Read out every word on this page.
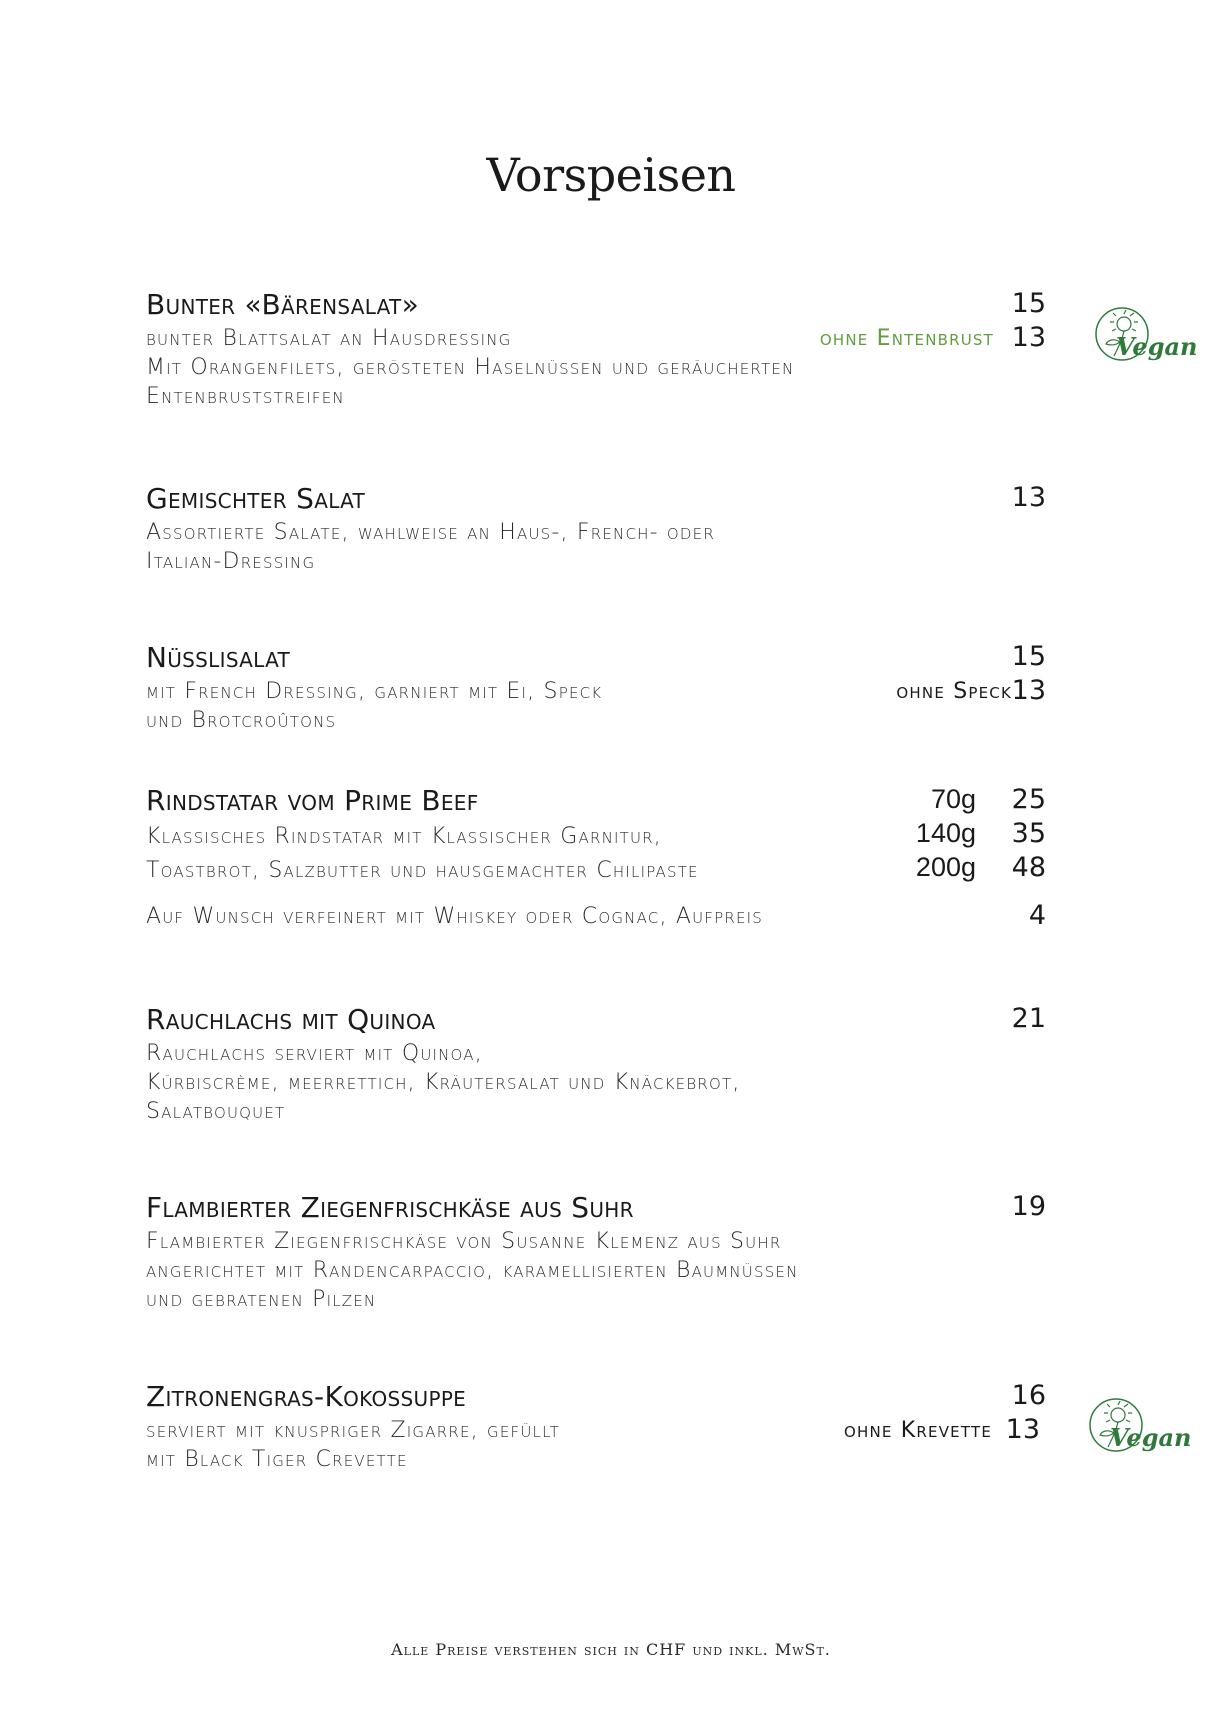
Vorspeisen
Bunter «Bärensalat»	15
bunter Blattsalat an Hausdressing
Mit Orangenfilets, gerösteten Haselnüssen und geräucherten
Entenbruststreifen
ohne Entenbrust 13
Gemischter Salat	13
Assortierte Salate, wahlweise an Haus-, French- oder
Italian-Dressing
Nüsslisalat	15
mit French Dressing, garniert mit Ei, Speck
und Brotcroûtons
ohne Speck 13
Rindstatar vom Prime Beef
Klassisches Rindstatar mit Klassischer Garnitur,
Toastbrot, Salzbutter und hausgemachter Chilipaste
70g 25
140g 35
200g 48
Auf Wunsch verfeinert mit Whiskey oder Cognac, Aufpreis	4
Rauchlachs mit Quinoa	21
Rauchlachs serviert mit Quinoa,
Kürbiscrème, meerrettich, Kräutersalat und Knäckebrot,
Salatbouquet
Flambierter Ziegenfrischkäse aus Suhr	19
Flambierter Ziegenfrischkäse von Susanne Klemenz aus Suhr
angerichtet mit Randencarpaccio, karamellisierten Baumnüssen
und gebratenen Pilzen
Zitronengras-Kokossuppe	16
serviert mit knuspriger Zigarre, gefüllt
mit Black Tiger Crevette
ohne Krevette 13
Vegan
Vegan
Alle Preise verstehen sich in CHF und inkl. MwSt.
